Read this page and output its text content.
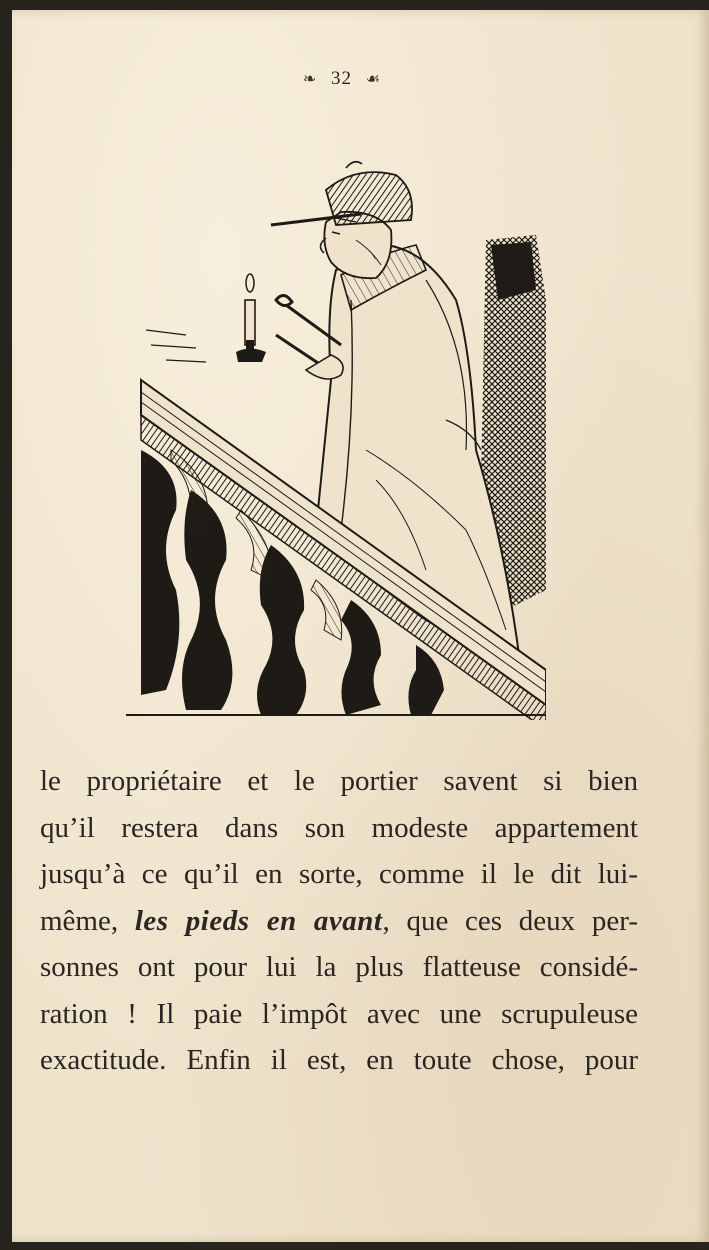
❧ 32 ☙
le propriétaire et le portier savent si bien
qu’il restera dans son modeste appartement
jusqu’à ce qu’il en sorte, comme il le dit lui-
même, les pieds en avant, que ces deux per-
sonnes ont pour lui la plus flatteuse considé-
ration ! Il paie l’impôt avec une scrupuleuse
exactitude. Enfin il est, en toute chose, pour
